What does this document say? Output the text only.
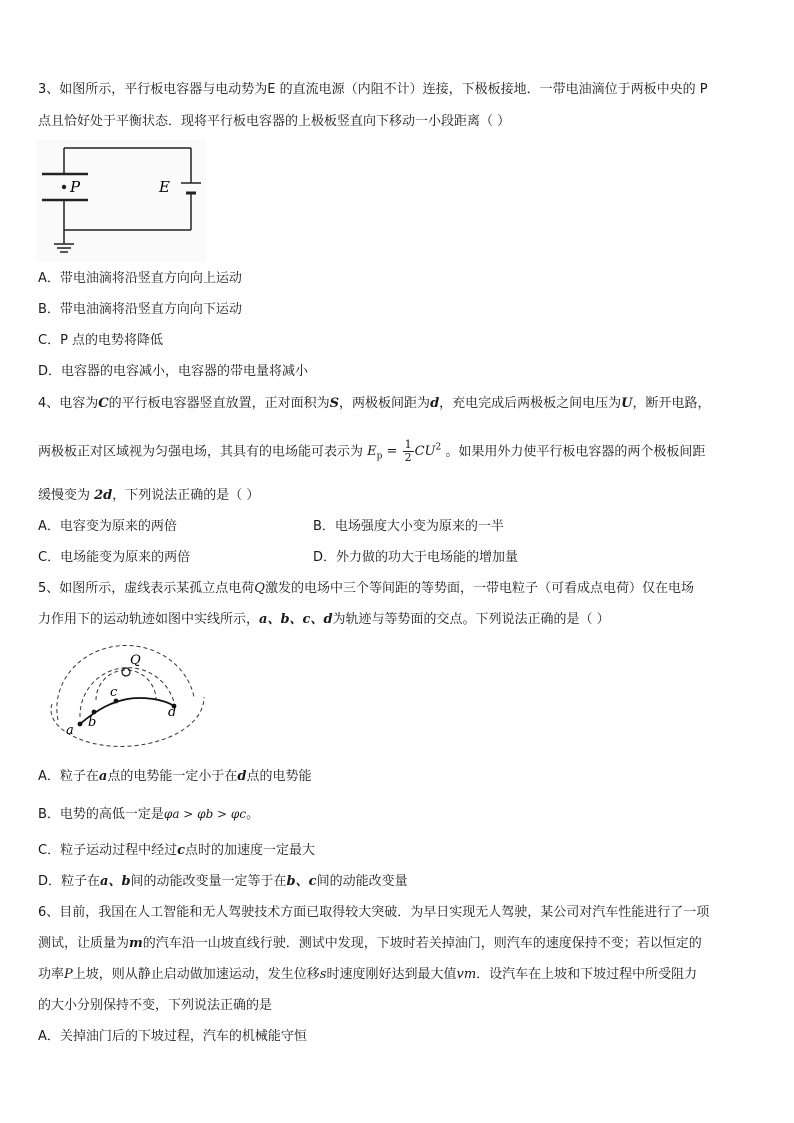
3、如图所示，平行板电容器与电动势为E 的直流电源（内阻不计）连接，下极板接地．一带电油滴位于两板中央的 P
点且恰好处于平衡状态．现将平行板电容器的上极板竖直向下移动一小段距离（ ）
P	E
A．带电油滴将沿竖直方向向上运动
B．带电油滴将沿竖直方向向下运动
C．P 点的电势将降低
D．电容器的电容减小，电容器的带电量将减小
4、电容为C的平行板电容器竖直放置，正对面积为S，两极板间距为d，充电完成后两极板之间电压为U，断开电路，
两极板正对区域视为匀强电场，其具有的电场能可表示为 $E_p = \frac{1}{2} CU^2$ 。如果用外力使平行板电容器的两个极板间距
缓慢变为 2d，下列说法正确的是（ ）
A．电容变为原来的两倍	B．电场强度大小变为原来的一半
C．电场能变为原来的两倍	D．外力做的功大于电场能的增加量
5、如图所示，虚线表示某孤立点电荷Q激发的电场中三个等间距的等势面，一带电粒子（可看成点电荷）仅在电场
力作用下的运动轨迹如图中实线所示，a、b、c、d为轨迹与等势面的交点。下列说法正确的是（ ）
Q
a
b
c
d
A．粒子在a点的电势能一定小于在d点的电势能
B．电势的高低一定是φa > φb > φc。
C．粒子运动过程中经过c点时的加速度一定最大
D．粒子在a、b间的动能改变量一定等于在b、c间的动能改变量
6、目前，我国在人工智能和无人驾驶技术方面已取得较大突破．为早日实现无人驾驶，某公司对汽车性能进行了一项
测试，让质量为m的汽车沿一山坡直线行驶．测试中发现，下坡时若关掉油门，则汽车的速度保持不变；若以恒定的
功率P上坡，则从静止启动做加速运动，发生位移s时速度刚好达到最大值vm．设汽车在上坡和下坡过程中所受阻力
的大小分别保持不变，下列说法正确的是
A．关掉油门后的下坡过程，汽车的机械能守恒
